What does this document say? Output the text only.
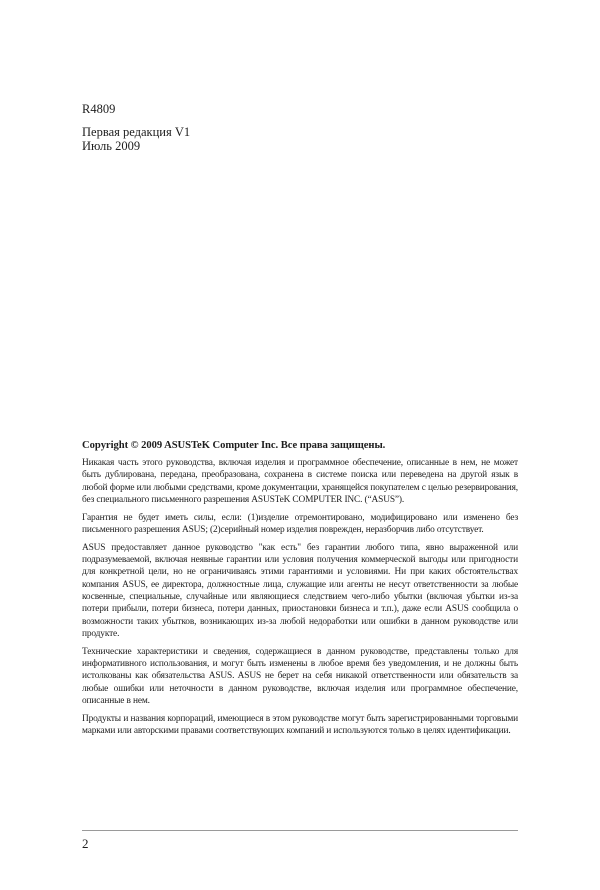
R4809
Первая редакция V1
Июль 2009
Copyright © 2009 ASUSTeK Computer Inc. Все права защищены.

Никакая часть этого руководства, включая изделия и программное обеспечение, описанные в нем, не может быть дублирована, передана, преобразована, сохранена в системе поиска или переведена на другой язык в любой форме или любыми средствами, кроме документации, хранящейся покупателем с целью резервирования, без специального письменного разрешения ASUSTeK COMPUTER INC. (“ASUS”).

Гарантия не будет иметь силы, если: (1)изделие отремонтировано, модифицировано или изменено без письменного разрешения ASUS; (2)серийный номер изделия поврежден, неразборчив либо отсутствует.

ASUS предоставляет данное руководство "как есть" без гарантии любого типа, явно выраженной или подразумеваемой, включая неявные гарантии или условия получения коммерческой выгоды или пригодности для конкретной цели, но не ограничиваясь этими гарантиями и условиями. Ни при каких обстоятельствах компания ASUS, ее директора, должностные лица, служащие или агенты не несут ответственности за любые косвенные, специальные, случайные или являющиеся следствием чего-либо убытки (включая убытки из-за потери прибыли, потери бизнеса, потери данных, приостановки бизнеса и т.п.), даже если ASUS сообщила о возможности таких убытков, возникающих из-за любой недоработки или ошибки в данном руководстве или продукте.

Технические характеристики и сведения, содержащиеся в данном руководстве, представлены только для информативного использования, и могут быть изменены в любое время без уведомления, и не должны быть истолкованы как обязательства ASUS. ASUS не берет на себя никакой ответственности или обязательств за любые ошибки или неточности в данном руководстве, включая изделия или программное обеспечение, описанные в нем.

Продукты и названия корпораций, имеющиеся в этом руководстве могут быть зарегистрированными торговыми марками или авторскими правами соответствующих компаний и используются только в целях идентификации.

2
